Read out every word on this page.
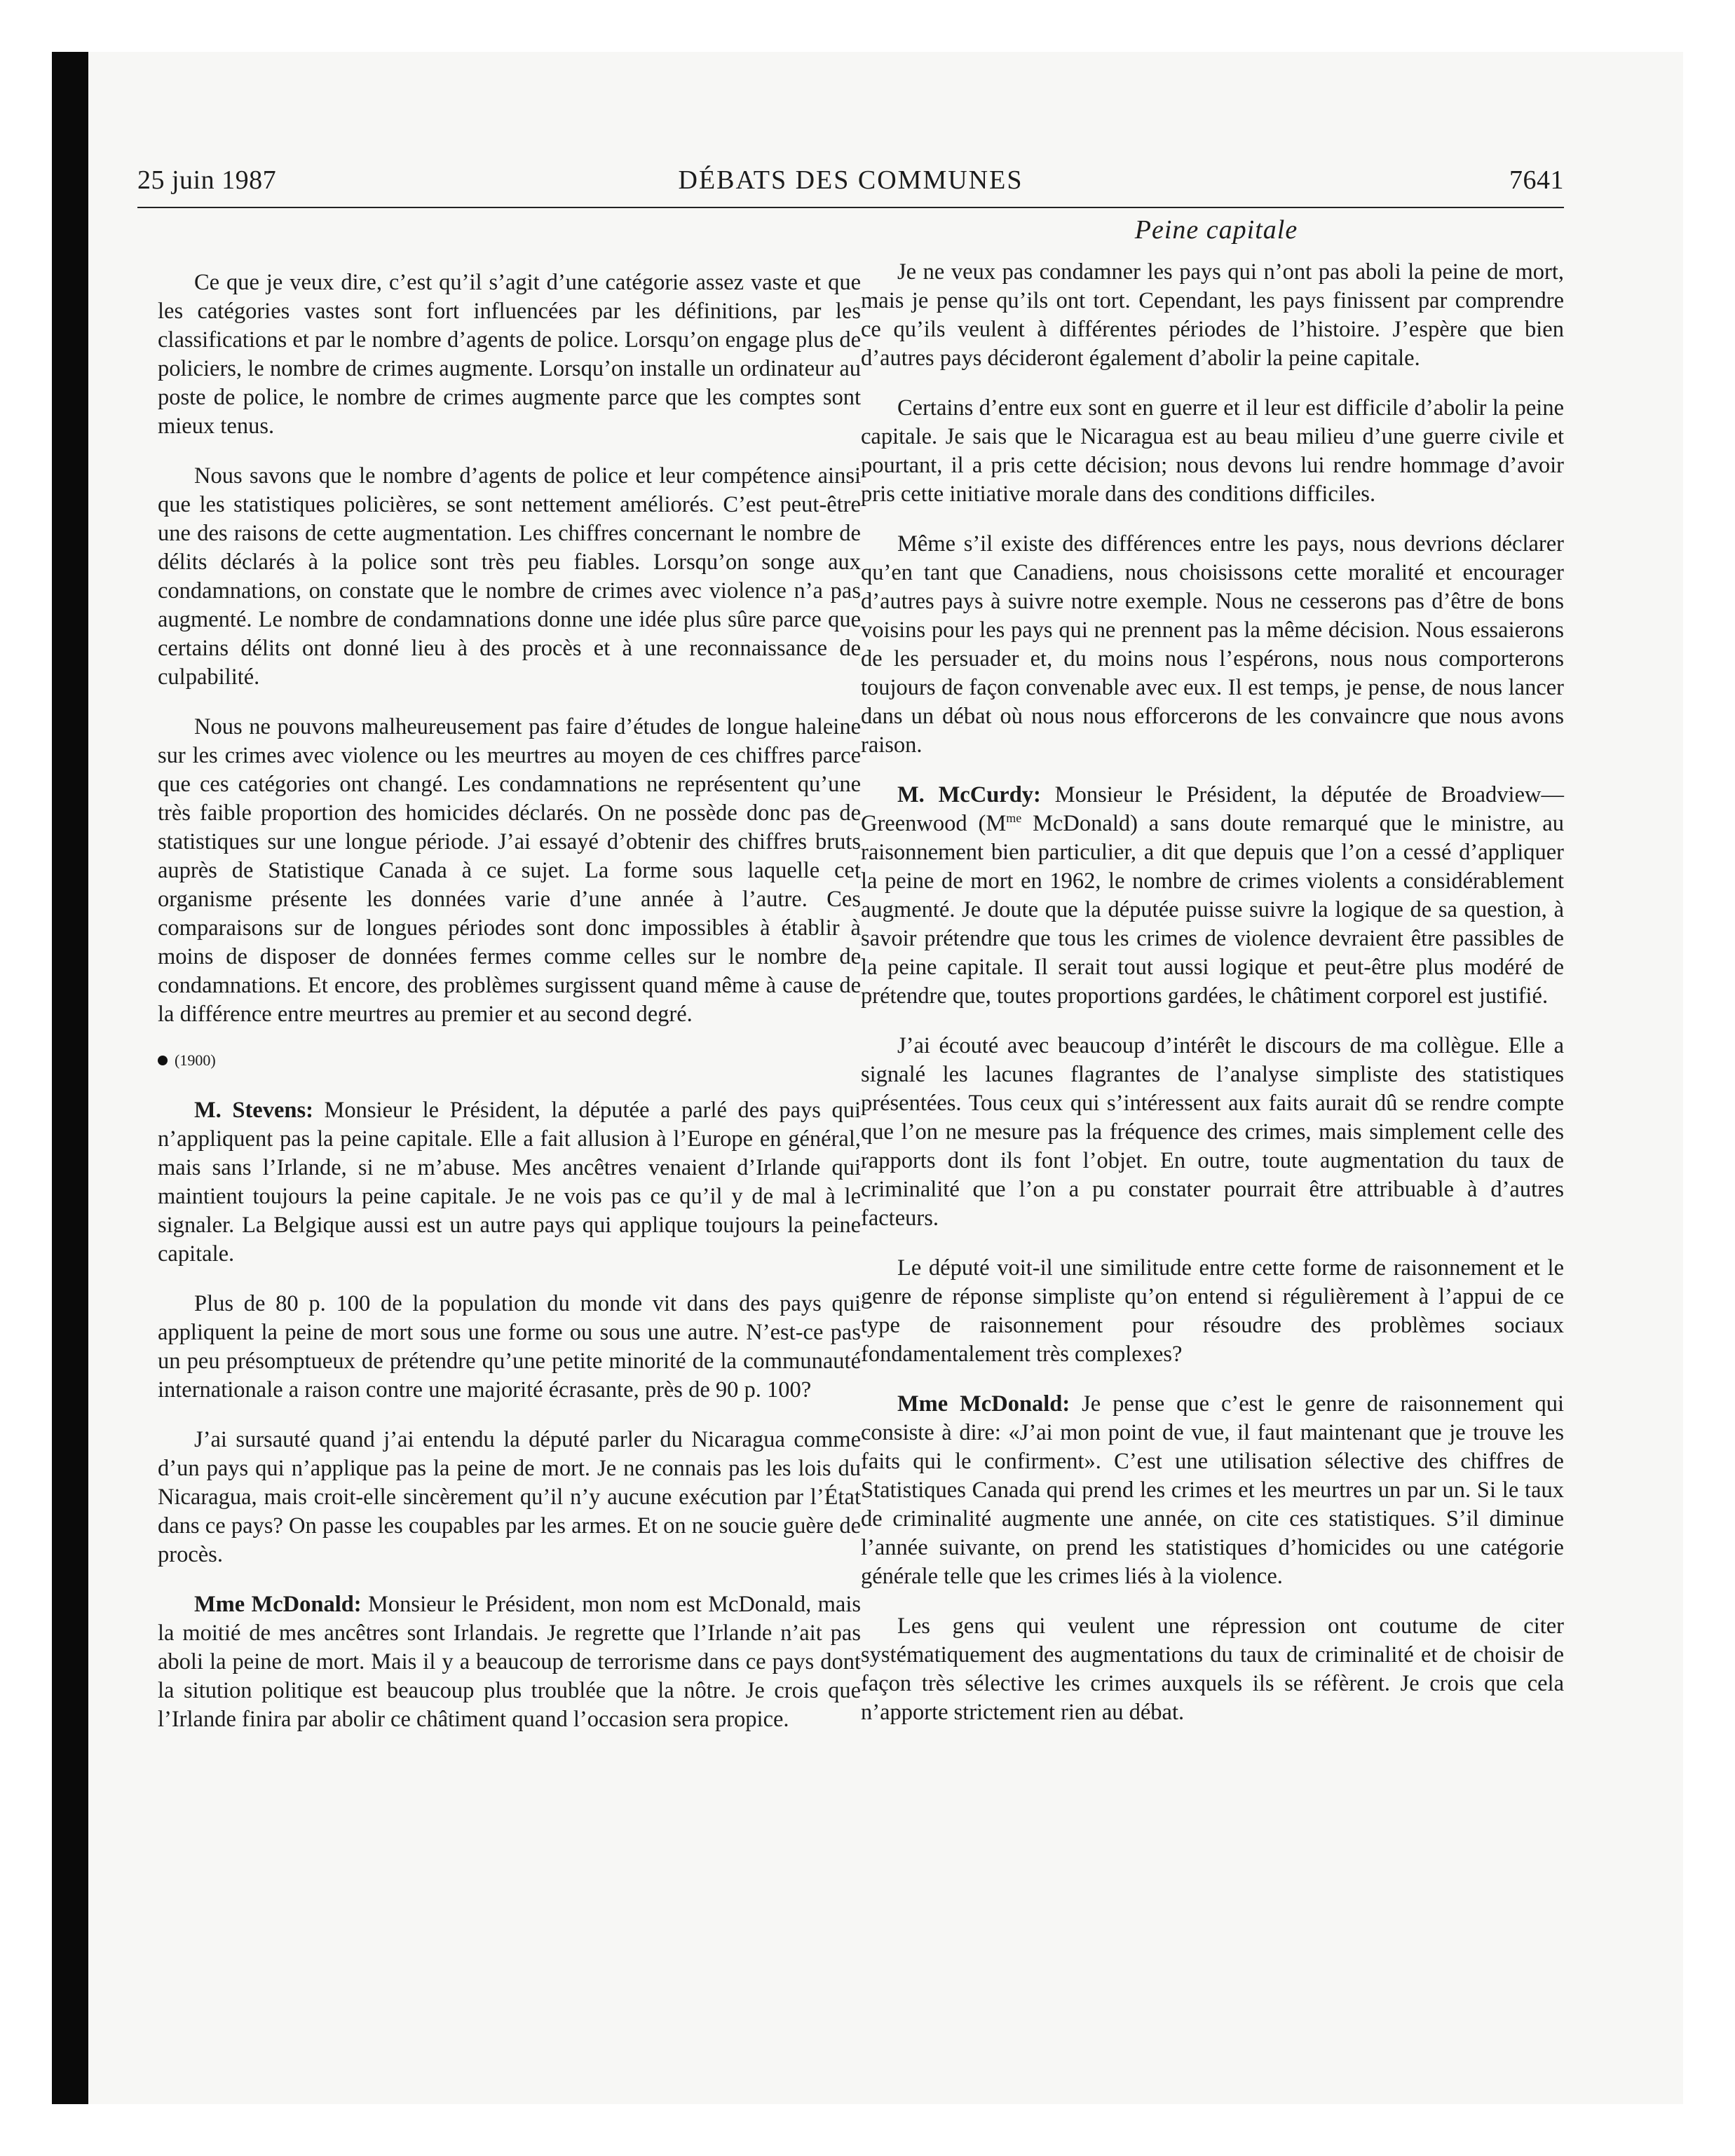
25 juin 1987	DÉBATS DES COMMUNES	7641
Peine capitale

Ce que je veux dire, c’est qu’il s’agit d’une catégorie assez vaste et que les catégories vastes sont fort influencées par les définitions, par les classifications et par le nombre d’agents de police. Lorsqu’on engage plus de policiers, le nombre de crimes augmente. Lorsqu’on installe un ordinateur au poste de police, le nombre de crimes augmente parce que les comptes sont mieux tenus.

Nous savons que le nombre d’agents de police et leur compétence ainsi que les statistiques policières, se sont nettement améliorés. C’est peut-être une des raisons de cette augmentation. Les chiffres concernant le nombre de délits déclarés à la police sont très peu fiables. Lorsqu’on songe aux condamnations, on constate que le nombre de crimes avec violence n’a pas augmenté. Le nombre de condamnations donne une idée plus sûre parce que certains délits ont donné lieu à des procès et à une reconnaissance de culpabilité.

Nous ne pouvons malheureusement pas faire d’études de longue haleine sur les crimes avec violence ou les meurtres au moyen de ces chiffres parce que ces catégories ont changé. Les condamnations ne représentent qu’une très faible proportion des homicides déclarés. On ne possède donc pas de statistiques sur une longue période. J’ai essayé d’obtenir des chiffres bruts auprès de Statistique Canada à ce sujet. La forme sous laquelle cet organisme présente les données varie d’une année à l’autre. Ces comparaisons sur de longues périodes sont donc impossibles à établir à moins de disposer de données fermes comme celles sur le nombre de condamnations. Et encore, des problèmes surgissent quand même à cause de la différence entre meurtres au premier et au second degré.

(1900)

M. Stevens: Monsieur le Président, la députée a parlé des pays qui n’appliquent pas la peine capitale. Elle a fait allusion à l’Europe en général, mais sans l’Irlande, si ne m’abuse. Mes ancêtres venaient d’Irlande qui maintient toujours la peine capitale. Je ne vois pas ce qu’il y de mal à le signaler. La Belgique aussi est un autre pays qui applique toujours la peine capitale.

Plus de 80 p. 100 de la population du monde vit dans des pays qui appliquent la peine de mort sous une forme ou sous une autre. N’est-ce pas un peu présomptueux de prétendre qu’une petite minorité de la communauté internationale a raison contre une majorité écrasante, près de 90 p. 100?

J’ai sursauté quand j’ai entendu la député parler du Nicaragua comme d’un pays qui n’applique pas la peine de mort. Je ne connais pas les lois du Nicaragua, mais croit-elle sincèrement qu’il n’y aucune exécution par l’État dans ce pays? On passe les coupables par les armes. Et on ne soucie guère de procès.

Mme McDonald: Monsieur le Président, mon nom est McDonald, mais la moitié de mes ancêtres sont Irlandais. Je regrette que l’Irlande n’ait pas aboli la peine de mort. Mais il y a beaucoup de terrorisme dans ce pays dont la sitution politique est beaucoup plus troublée que la nôtre. Je crois que l’Irlande finira par abolir ce châtiment quand l’occasion sera propice.

Je ne veux pas condamner les pays qui n’ont pas aboli la peine de mort, mais je pense qu’ils ont tort. Cependant, les pays finissent par comprendre ce qu’ils veulent à différentes périodes de l’histoire. J’espère que bien d’autres pays décideront également d’abolir la peine capitale.

Certains d’entre eux sont en guerre et il leur est difficile d’abolir la peine capitale. Je sais que le Nicaragua est au beau milieu d’une guerre civile et pourtant, il a pris cette décision; nous devons lui rendre hommage d’avoir pris cette initiative morale dans des conditions difficiles.

Même s’il existe des différences entre les pays, nous devrions déclarer qu’en tant que Canadiens, nous choisissons cette moralité et encourager d’autres pays à suivre notre exemple. Nous ne cesserons pas d’être de bons voisins pour les pays qui ne prennent pas la même décision. Nous essaierons de les persuader et, du moins nous l’espérons, nous nous comporterons toujours de façon convenable avec eux. Il est temps, je pense, de nous lancer dans un débat où nous nous efforcerons de les convaincre que nous avons raison.

M. McCurdy: Monsieur le Président, la députée de Broadview—Greenwood ($M^{me}$ McDonald) a sans doute remarqué que le ministre, au raisonnement bien particulier, a dit que depuis que l’on a cessé d’appliquer la peine de mort en 1962, le nombre de crimes violents a considérablement augmenté. Je doute que la députée puisse suivre la logique de sa question, à savoir prétendre que tous les crimes de violence devraient être passibles de la peine capitale. Il serait tout aussi logique et peut-être plus modéré de prétendre que, toutes proportions gardées, le châtiment corporel est justifié.

J’ai écouté avec beaucoup d’intérêt le discours de ma collègue. Elle a signalé les lacunes flagrantes de l’analyse simpliste des statistiques présentées. Tous ceux qui s’intéressent aux faits aurait dû se rendre compte que l’on ne mesure pas la fréquence des crimes, mais simplement celle des rapports dont ils font l’objet. En outre, toute augmentation du taux de criminalité que l’on a pu constater pourrait être attribuable à d’autres facteurs.

Le député voit-il une similitude entre cette forme de raisonnement et le genre de réponse simpliste qu’on entend si régulièrement à l’appui de ce type de raisonnement pour résoudre des problèmes sociaux fondamentalement très complexes?

Mme McDonald: Je pense que c’est le genre de raisonnement qui consiste à dire: «J’ai mon point de vue, il faut maintenant que je trouve les faits qui le confirment». C’est une utilisation sélective des chiffres de Statistiques Canada qui prend les crimes et les meurtres un par un. Si le taux de criminalité augmente une année, on cite ces statistiques. S’il diminue l’année suivante, on prend les statistiques d’homicides ou une catégorie générale telle que les crimes liés à la violence.

Les gens qui veulent une répression ont coutume de citer systématiquement des augmentations du taux de criminalité et de choisir de façon très sélective les crimes auxquels ils se réfèrent. Je crois que cela n’apporte strictement rien au débat.
